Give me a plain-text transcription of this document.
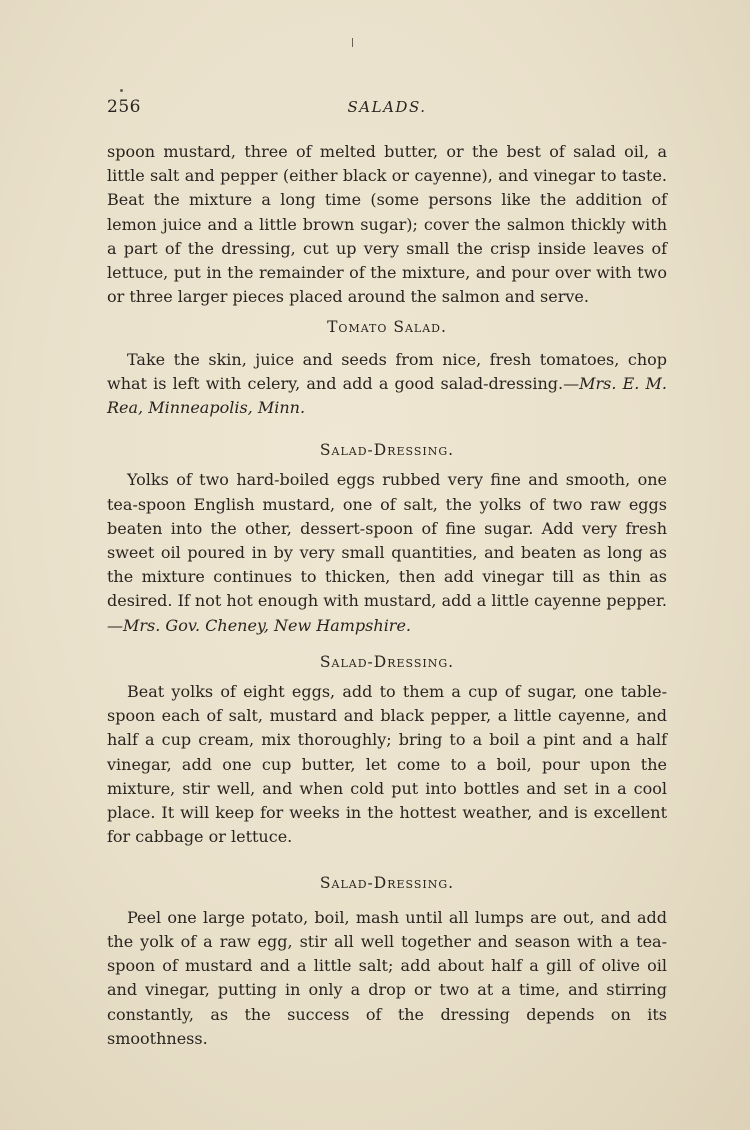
256	SALADS.

spoon mustard, three of melted butter, or the best of salad oil, a little salt and pepper (either black or cayenne), and vinegar to taste. Beat the mixture a long time (some persons like the addition of lemon juice and a little brown sugar); cover the salmon thickly with a part of the dressing, cut up very small the crisp inside leaves of lettuce, put in the remainder of the mixture, and pour over with two or three larger pieces placed around the salmon and serve.

Tomato Salad.

Take the skin, juice and seeds from nice, fresh tomatoes, chop what is left with celery, and add a good salad-dressing.—Mrs. E. M. Rea, Minneapolis, Minn.

Salad-Dressing.

Yolks of two hard-boiled eggs rubbed very fine and smooth, one tea-spoon English mustard, one of salt, the yolks of two raw eggs beaten into the other, dessert-spoon of fine sugar. Add very fresh sweet oil poured in by very small quantities, and beaten as long as the mixture continues to thicken, then add vinegar till as thin as desired. If not hot enough with mustard, add a little cayenne pepper.—Mrs. Gov. Cheney, New Hampshire.

Salad-Dressing.

Beat yolks of eight eggs, add to them a cup of sugar, one table-spoon each of salt, mustard and black pepper, a little cayenne, and half a cup cream, mix thoroughly; bring to a boil a pint and a half vinegar, add one cup butter, let come to a boil, pour upon the mixture, stir well, and when cold put into bottles and set in a cool place. It will keep for weeks in the hottest weather, and is excellent for cabbage or lettuce.

Salad-Dressing.

Peel one large potato, boil, mash until all lumps are out, and add the yolk of a raw egg, stir all well together and season with a tea-spoon of mustard and a little salt; add about half a gill of olive oil and vinegar, putting in only a drop or two at a time, and stirring constantly, as the success of the dressing depends on its smoothness.
